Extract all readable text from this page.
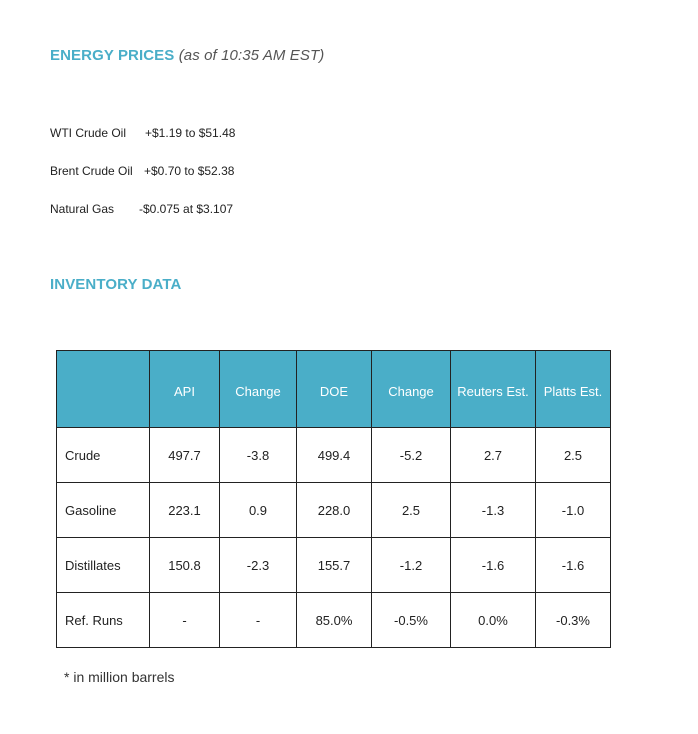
ENERGY PRICES (as of 10:35 AM EST)
WTI Crude Oil +$1.19 to $51.48
Brent Crude Oil +$0.70 to $52.38
Natural Gas -$0.075 at $3.107
INVENTORY DATA
	API	Change	DOE	Change	Reuters Est.	Platts Est.
Crude	497.7	-3.8	499.4	-5.2	2.7	2.5
Gasoline	223.1	0.9	228.0	2.5	-1.3	-1.0
Distillates	150.8	-2.3	155.7	-1.2	-1.6	-1.6
Ref. Runs	-	-	85.0%	-0.5%	0.0%	-0.3%
* in million barrels
